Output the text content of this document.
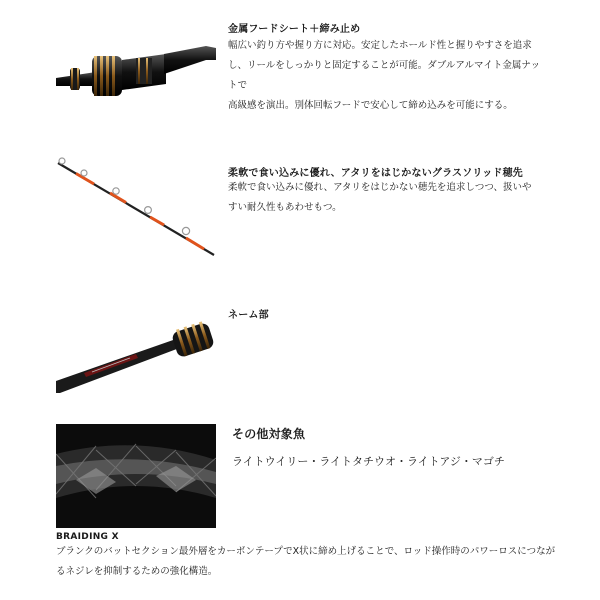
金属フードシート＋締み止め
幅広い釣り方や握り方に対応。安定したホールド性と握りやすさを追求
し、リールをしっかりと固定することが可能。ダブルアルマイト金属ナットで
高級感を演出。別体回転フードで安心して締め込みを可能にする。
柔軟で食い込みに優れ、アタリをはじかないグラスソリッド穂先
柔軟で食い込みに優れ、アタリをはじかない穂先を追求しつつ、扱いや
すい耐久性もあわせもつ。
ネーム部
その他対象魚
ライトウイリー・ライトタチウオ・ライトアジ・マゴチ
BRAIDING X
ブランクのバットセクション最外層をカーボンテープでX状に締め上げることで、ロッド操作時のパワーロスにつなが
るネジレを抑制するための強化構造。
